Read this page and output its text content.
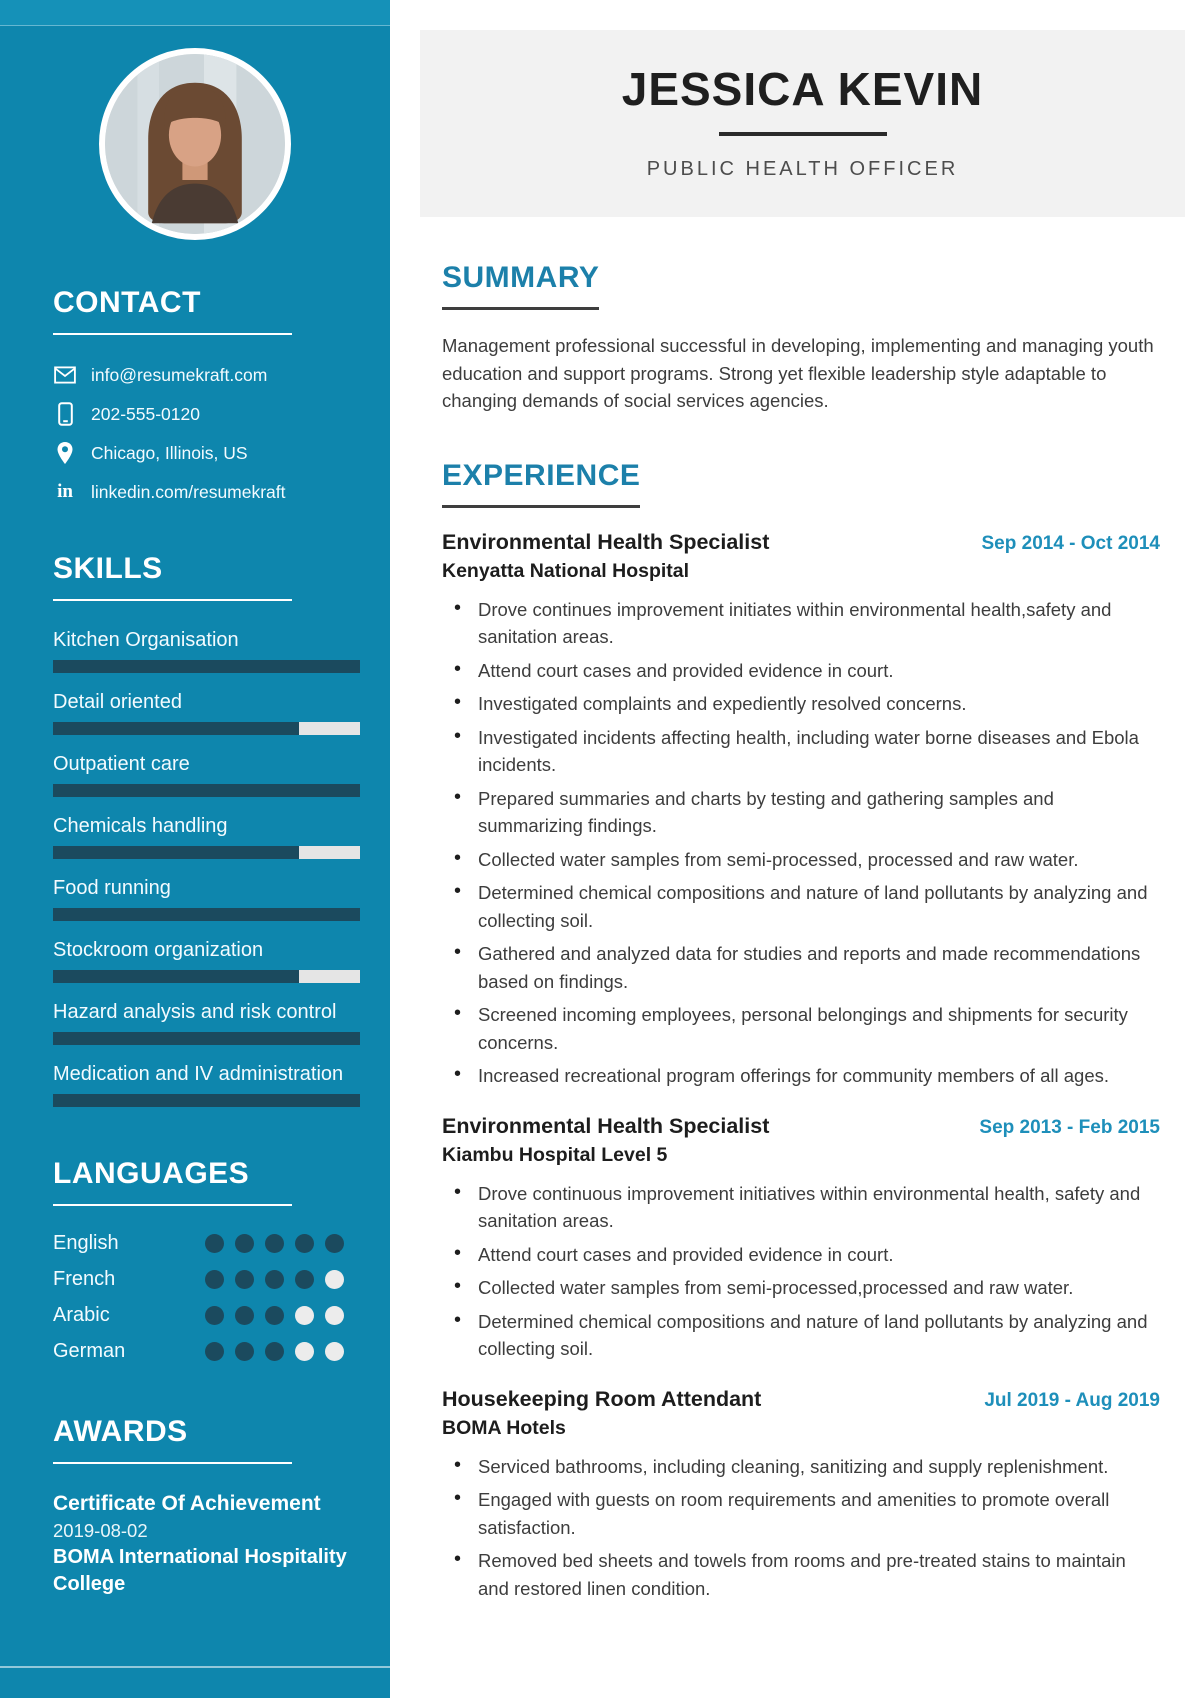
CONTACT
info@resumekraft.com
202-555-0120
Chicago, Illinois, US
in linkedin.com/resumekraft
SKILLS
Kitchen Organisation
Detail oriented
Outpatient care
Chemicals handling
Food running
Stockroom organization
Hazard analysis and risk control
Medication and IV administration
LANGUAGES
English
French
Arabic
German
AWARDS
Certificate Of Achievement
2019-08-02
BOMA International Hospitality College
JESSICA KEVIN
PUBLIC HEALTH OFFICER
SUMMARY

Management professional successful in developing, implementing and managing youth education and support programs. Strong yet flexible leadership style adaptable to changing demands of social services agencies.

EXPERIENCE
Environmental Health Specialist	Sep 2014 - Oct 2014
Kenyatta National Hospital
• Drove continues improvement initiates within environmental health,safety and sanitation areas.
• Attend court cases and provided evidence in court.
• Investigated complaints and expediently resolved concerns.
• Investigated incidents affecting health, including water borne diseases and Ebola incidents.
• Prepared summaries and charts by testing and gathering samples and summarizing findings.
• Collected water samples from semi-processed, processed and raw water.
• Determined chemical compositions and nature of land pollutants by analyzing and collecting soil.
• Gathered and analyzed data for studies and reports and made recommendations based on findings.
• Screened incoming employees, personal belongings and shipments for security concerns.
• Increased recreational program offerings for community members of all ages.
Environmental Health Specialist	Sep 2013 - Feb 2015
Kiambu Hospital Level 5
• Drove continuous improvement initiatives within environmental health, safety and sanitation areas.
• Attend court cases and provided evidence in court.
• Collected water samples from semi-processed,processed and raw water.
• Determined chemical compositions and nature of land pollutants by analyzing and collecting soil.
Housekeeping Room Attendant	Jul 2019 - Aug 2019
BOMA Hotels
• Serviced bathrooms, including cleaning, sanitizing and supply replenishment.
• Engaged with guests on room requirements and amenities to promote overall satisfaction.
• Removed bed sheets and towels from rooms and pre-treated stains to maintain and restored linen condition.
